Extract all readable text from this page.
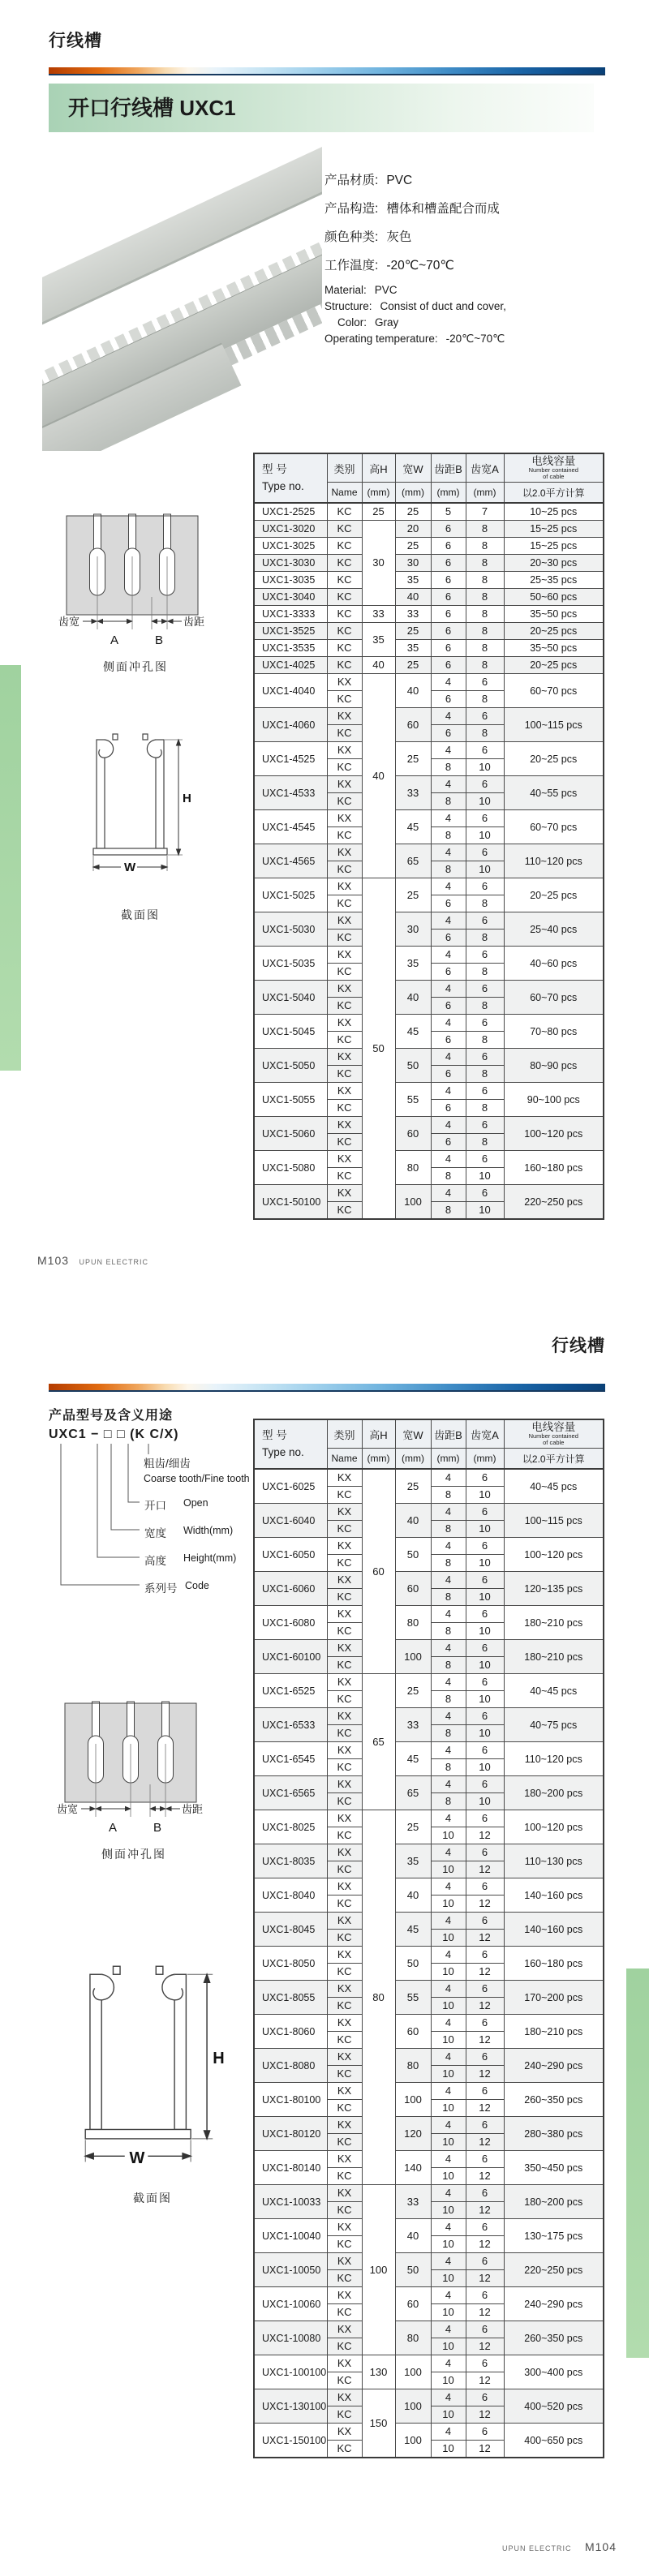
行线槽
开口行线槽 UXC1
产品材质: PVC
产品构造: 槽体和槽盖配合而成
颜色种类: 灰色
工作温度: -20℃~70℃
Material: PVC
Structure: Consist of duct and cover,
Color: Gray
Operating temperature: -20℃~70℃
齿宽	齿距
A	B
侧面冲孔图
H
W
截面图
型 号
Type no.
	类别	高H	宽W	齿距B	齿宽A	
电线容量
Number contained
of cable

	Name	(mm)	(mm)	(mm)	(mm)	以2.0平方计算
UXC1-2525	KC	25	25	5	7	10~25 pcs
UXC1-3020	KC	30	20	6	8	15~25 pcs
UXC1-3025	KC		25	6	8	15~25 pcs
UXC1-3030	KC		30	6	8	20~30 pcs
UXC1-3035	KC		35	6	8	25~35 pcs
UXC1-3040	KC		40	6	8	50~60 pcs
UXC1-3333	KC	33	33	6	8	35~50 pcs
UXC1-3525	KC	35	25	6	8	20~25 pcs
UXC1-3535	KC		35	6	8	35~50 pcs
UXC1-4025	KC	40	25	6	8	20~25 pcs
UXC1-4040	KX	40	40	4	6	60~70 pcs
	KC			6	8	
UXC1-4060	KX		60	4	6	100~115 pcs
	KC			6	8	
UXC1-4525	KX		25	4	6	20~25 pcs
	KC			8	10	
UXC1-4533	KX		33	4	6	40~55 pcs
	KC			8	10	
UXC1-4545	KX		45	4	6	60~70 pcs
	KC			8	10	
UXC1-4565	KX		65	4	6	110~120 pcs
	KC			8	10	
UXC1-5025	KX	50	25	4	6	20~25 pcs
	KC			6	8	
UXC1-5030	KX		30	4	6	25~40 pcs
	KC			6	8	
UXC1-5035	KX		35	4	6	40~60 pcs
	KC			6	8	
UXC1-5040	KX		40	4	6	60~70 pcs
	KC			6	8	
UXC1-5045	KX		45	4	6	70~80 pcs
	KC			6	8	
UXC1-5050	KX		50	4	6	80~90 pcs
	KC			6	8	
UXC1-5055	KX		55	4	6	90~100 pcs
	KC			6	8	
UXC1-5060	KX		60	4	6	100~120 pcs
	KC			6	8	
UXC1-5080	KX		80	4	6	160~180 pcs
	KC			8	10	
UXC1-50100	KX		100	4	6	220~250 pcs
	KC			8	10	
M103 UPUN ELECTRIC
行线槽
产品型号及含义用途
UXC1 − □ □ (K C/X)
粗齿/细齿
Coarse tooth/Fine tooth
开口 Open
宽度 Width(mm)
高度 Height(mm)
系列号 Code
齿宽	齿距
A	B
侧面冲孔图
H
W
截面图
型 号
Type no.
	类别	高H	宽W	齿距B	齿宽A	
电线容量
Number contained
of cable

	Name	(mm)	(mm)	(mm)	(mm)	以2.0平方计算
UXC1-6025	KX	60	25	4	6	40~45 pcs
	KC			8	10	
UXC1-6040	KX		40	4	6	100~115 pcs
	KC			8	10	
UXC1-6050	KX		50	4	6	100~120 pcs
	KC			8	10	
UXC1-6060	KX		60	4	6	120~135 pcs
	KC			8	10	
UXC1-6080	KX		80	4	6	180~210 pcs
	KC			8	10	
UXC1-60100	KX		100	4	6	180~210 pcs
	KC			8	10	
UXC1-6525	KX	65	25	4	6	40~45 pcs
	KC			8	10	
UXC1-6533	KX		33	4	6	40~75 pcs
	KC			8	10	
UXC1-6545	KX		45	4	6	110~120 pcs
	KC			8	10	
UXC1-6565	KX		65	4	6	180~200 pcs
	KC			8	10	
UXC1-8025	KX	80	25	4	6	100~120 pcs
	KC			10	12	
UXC1-8035	KX		35	4	6	110~130 pcs
	KC			10	12	
UXC1-8040	KX		40	4	6	140~160 pcs
	KC			10	12	
UXC1-8045	KX		45	4	6	140~160 pcs
	KC			10	12	
UXC1-8050	KX		50	4	6	160~180 pcs
	KC			10	12	
UXC1-8055	KX		55	4	6	170~200 pcs
	KC			10	12	
UXC1-8060	KX		60	4	6	180~210 pcs
	KC			10	12	
UXC1-8080	KX		80	4	6	240~290 pcs
	KC			10	12	
UXC1-80100	KX		100	4	6	260~350 pcs
	KC			10	12	
UXC1-80120	KX		120	4	6	280~380 pcs
	KC			10	12	
UXC1-80140	KX		140	4	6	350~450 pcs
	KC			10	12	
UXC1-10033	KX	100	33	4	6	180~200 pcs
	KC			10	12	
UXC1-10040	KX		40	4	6	130~175 pcs
	KC			10	12	
UXC1-10050	KX		50	4	6	220~250 pcs
	KC			10	12	
UXC1-10060	KX		60	4	6	240~290 pcs
	KC			10	12	
UXC1-10080	KX		80	4	6	260~350 pcs
	KC			10	12	
UXC1-100100	KX	130	100	4	6	300~400 pcs
	KC			10	12	
UXC1-130100	KX	150	100	4	6	400~520 pcs
	KC			10	12	
UXC1-150100	KX		100	4	6	400~650 pcs
	KC			10	12	
UPUN ELECTRIC M104
